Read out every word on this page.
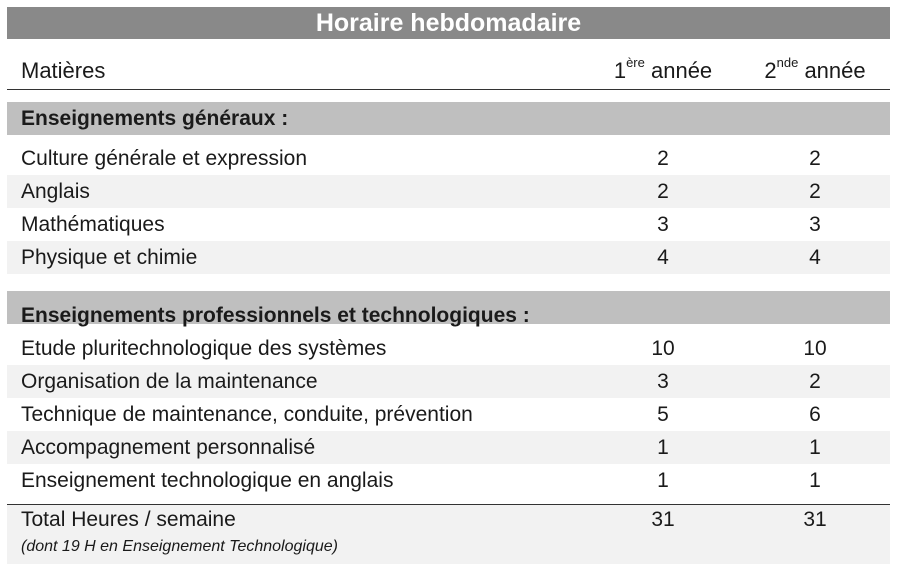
Horaire hebdomadaire
Matières	1ère année	2nde année
Enseignements généraux :
Culture générale et expression	2	2
Anglais	2	2
Mathématiques	3	3
Physique et chimie	4	4
Enseignements professionnels et technologiques :
Etude pluritechnologique des systèmes	10	10
Organisation de la maintenance	3	2
Technique de maintenance, conduite, prévention	5	6
Accompagnement personnalisé	1	1
Enseignement technologique en anglais	1	1
Total Heures / semaine	31	31
(dont 19 H en Enseignement Technologique)
